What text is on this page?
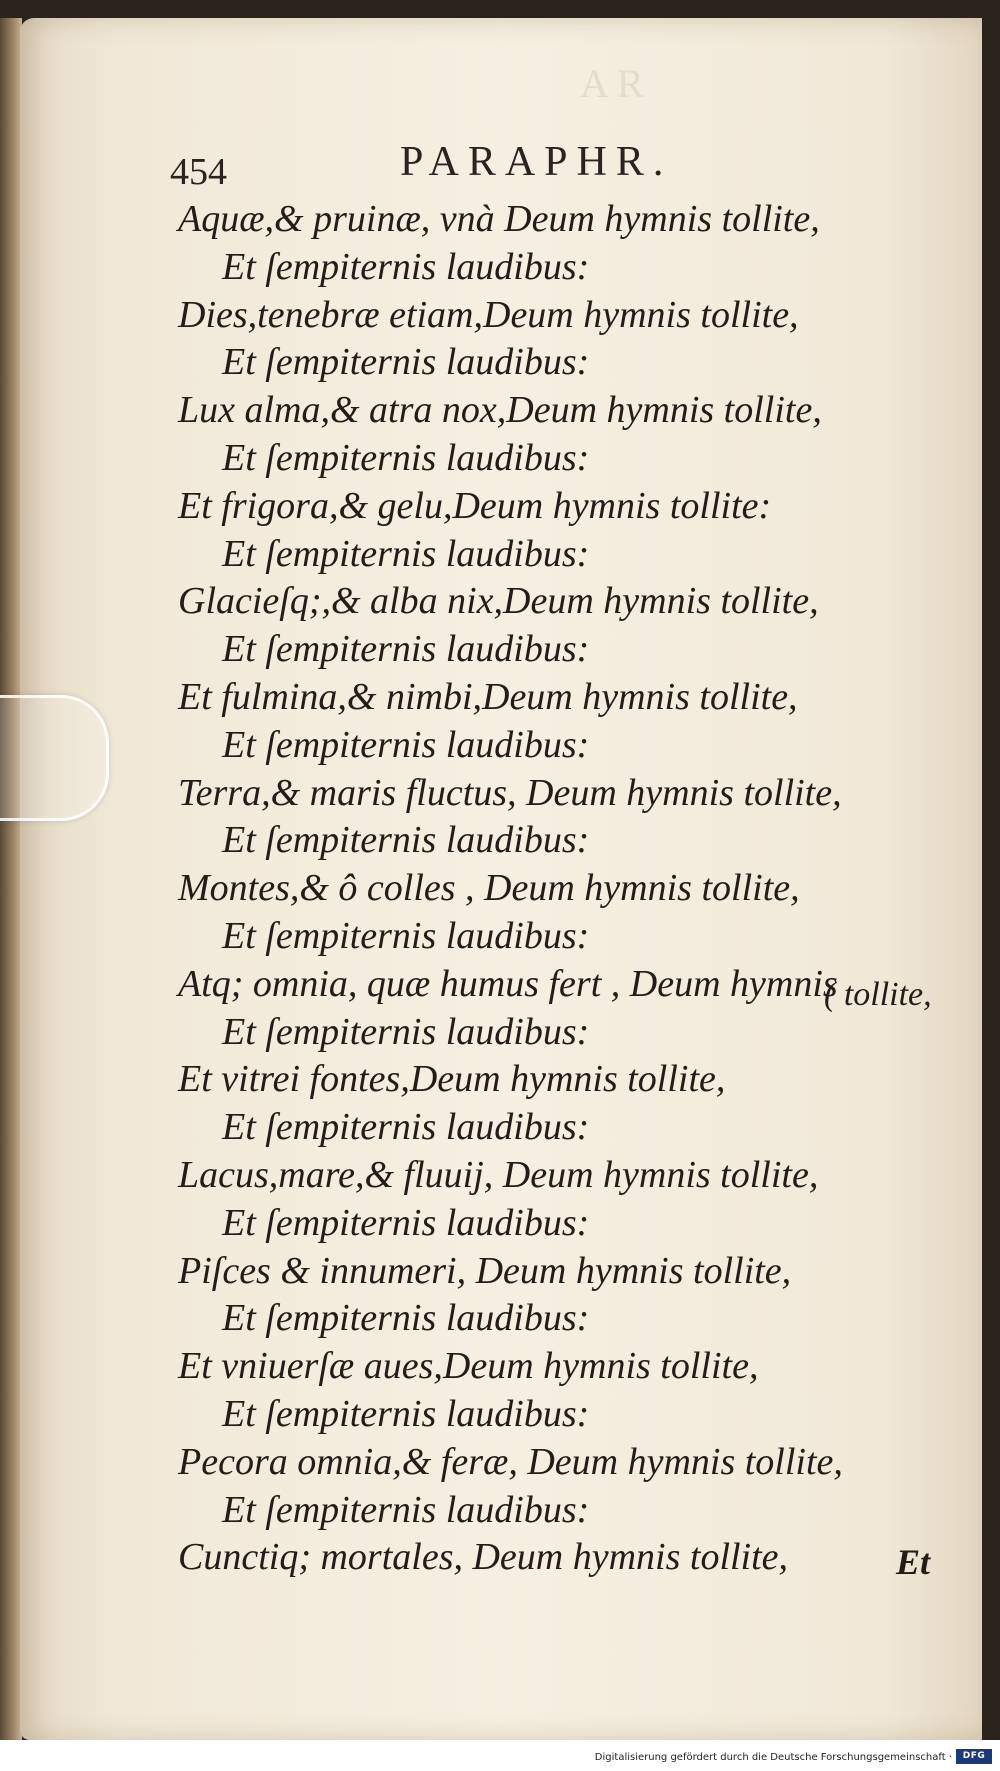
AR
454	PARAPHR.
Aquæ,& pruinæ, vnà Deum hymnis tollite,
Et ſempiternis laudibus:
Dies,tenebræ etiam,Deum hymnis tollite,
Et ſempiternis laudibus:
Lux alma,& atra nox,Deum hymnis tollite,
Et ſempiternis laudibus:
Et frigora,& gelu,Deum hymnis tollite:
Et ſempiternis laudibus:
Glacieſq;,& alba nix,Deum hymnis tollite,
Et ſempiternis laudibus:
Et fulmina,& nimbi,Deum hymnis tollite,
Et ſempiternis laudibus:
Terra,& maris fluctus, Deum hymnis tollite,
Et ſempiternis laudibus:
Montes,& ô colles , Deum hymnis tollite,
Et ſempiternis laudibus:
Atq; omnia, quæ humus fert , Deum hymnis
Et ſempiternis laudibus:
Et vitrei fontes,Deum hymnis tollite,
Et ſempiternis laudibus:
Lacus,mare,& fluuij, Deum hymnis tollite,
Et ſempiternis laudibus:
Piſces & innumeri, Deum hymnis tollite,
Et ſempiternis laudibus:
Et vniuerſæ aues,Deum hymnis tollite,
Et ſempiternis laudibus:
Pecora omnia,& feræ, Deum hymnis tollite,
Et ſempiternis laudibus:
Cunctiq; mortales, Deum hymnis tollite,
( tollite,
Et
Digitalisierung gefördert durch die Deutsche Forschungsgemeinschaft ·	DFG
